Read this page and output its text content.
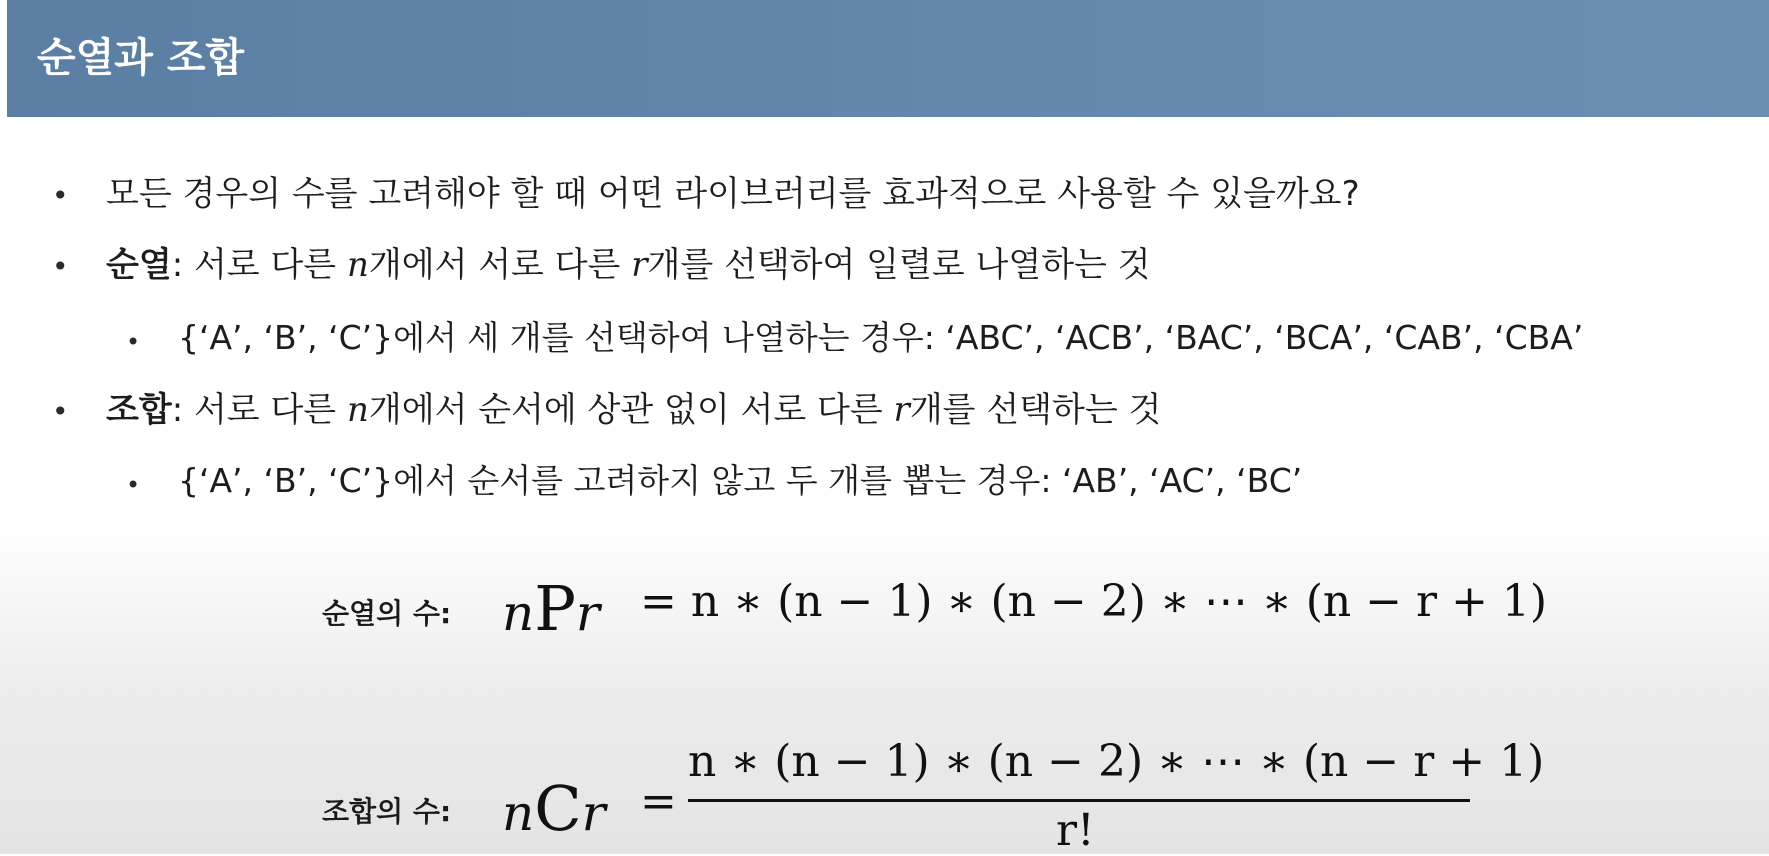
순열과 조합
• 모든 경우의 수를 고려해야 할 때 어떤 라이브러리를 효과적으로 사용할 수 있을까요?
• 순열: 서로 다른 n개에서 서로 다른 r개를 선택하여 일렬로 나열하는 것
• {‘A’, ‘B’, ‘C’}에서 세 개를 선택하여 나열하는 경우: ‘ABC’, ‘ACB’, ‘BAC’, ‘BCA’, ‘CAB’, ‘CBA’
• 조합: 서로 다른 n개에서 순서에 상관 없이 서로 다른 r개를 선택하는 것
• {‘A’, ‘B’, ‘C’}에서 순서를 고려하지 않고 두 개를 뽑는 경우: ‘AB’, ‘AC’, ‘BC’
순열의 수: nPr = n ∗ (n − 1) ∗ (n − 2) ∗ ⋯ ∗ (n − r + 1)
조합의 수: nCr =
n ∗ (n − 1) ∗ (n − 2) ∗ ⋯ ∗ (n − r + 1)
r!
